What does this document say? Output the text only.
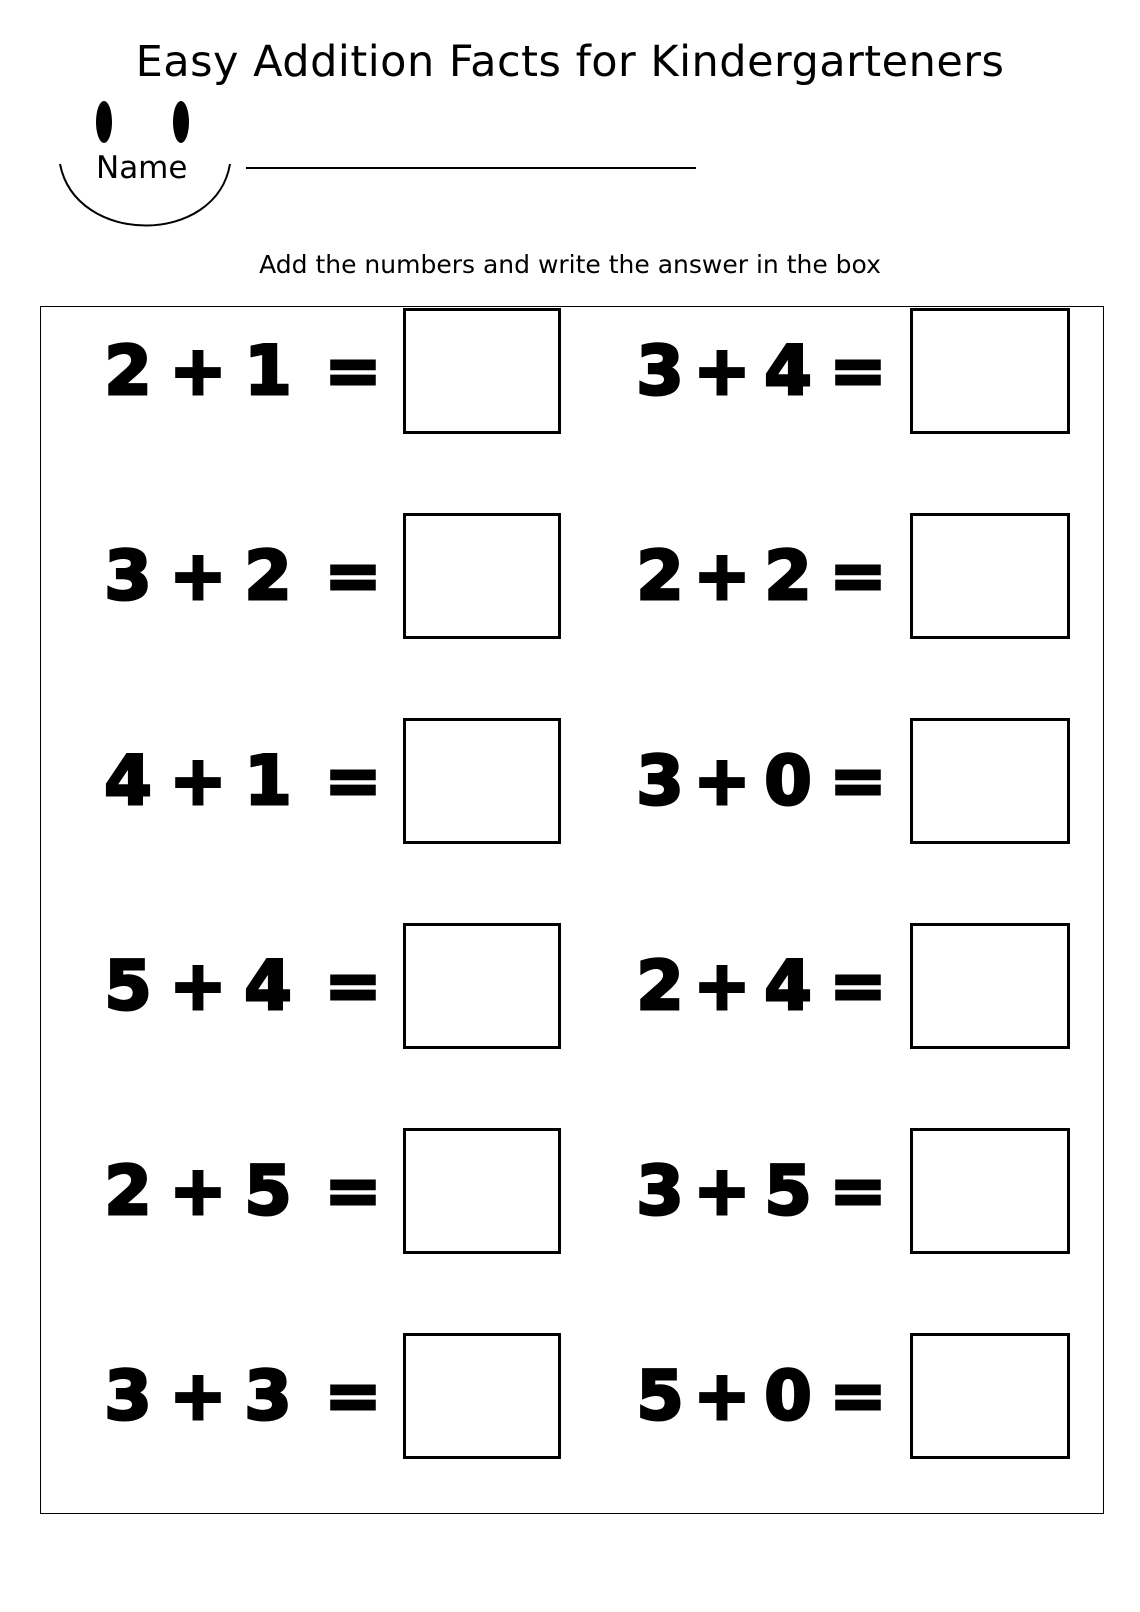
Easy Addition Facts for Kindergarteners
Name
Add the numbers and write the answer in the box
2 + 1 =
3 + 2 =
4 + 1 =
5 + 4 =
2 + 5 =
3 + 3 =
3 + 4 =
2 + 2 =
3 + 0 =
2 + 4 =
3 + 5 =
5 + 0 =
